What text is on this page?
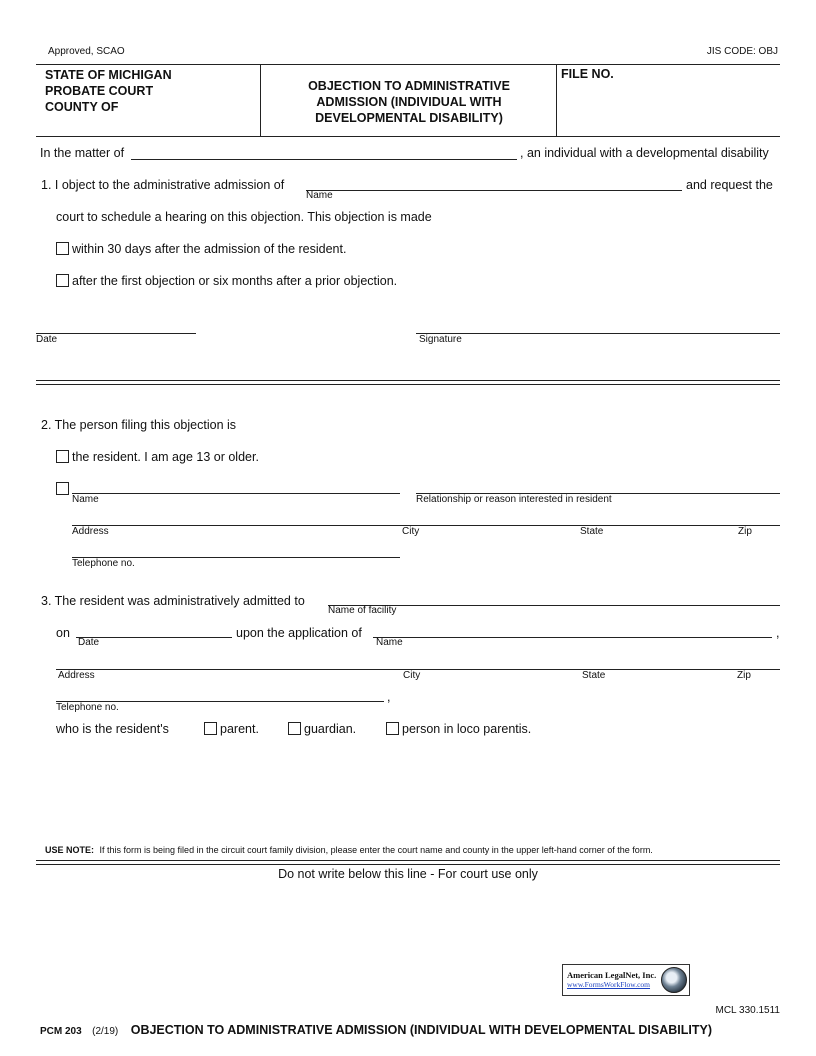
Approved, SCAO	JIS CODE: OBJ
STATE OF MICHIGAN
PROBATE COURT
COUNTY OF
OBJECTION TO ADMINISTRATIVE
ADMISSION (INDIVIDUAL WITH
DEVELOPMENTAL DISABILITY)
FILE NO.
In the matter of	, an individual with a developmental disability
1. I object to the administrative admission of
Name
and request the
court to schedule a hearing on this objection. This objection is made
within 30 days after the admission of the resident.
after the first objection or six months after a prior objection.
Date	Signature
2. The person filing this objection is
the resident. I am age 13 or older.
Name	Relationship or reason interested in resident
Address	City	State	Zip
Telephone no.
3. The resident was administratively admitted to
Name of facility
on
Date
upon the application of
Name
,
Address	City	State	Zip
,
Telephone no.
who is the resident's	parent.	guardian.	person in loco parentis.
USE NOTE: If this form is being filed in the circuit court family division, please enter the court name and county in the upper left-hand corner of the form.
Do not write below this line - For court use only
American LegalNet, Inc.
www.FormsWorkFlow.com
MCL 330.1511
PCM 203 (2/19) OBJECTION TO ADMINISTRATIVE ADMISSION (INDIVIDUAL WITH DEVELOPMENTAL DISABILITY)
